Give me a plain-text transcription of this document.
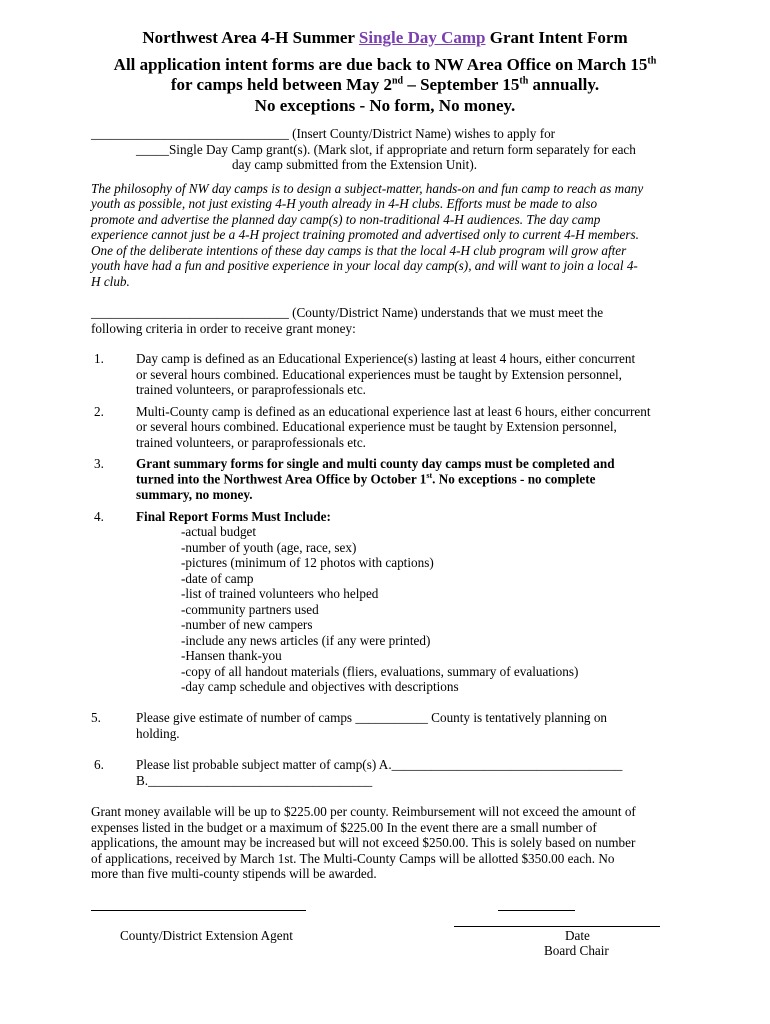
Northwest Area 4-H Summer Single Day Camp Grant Intent Form
All application intent forms are due back to NW Area Office on March 15th
for camps held between May 2nd – September 15th annually.
No exceptions - No form, No money.
______________________________ (Insert County/District Name) wishes to apply for
_____Single Day Camp grant(s). (Mark slot, if appropriate and return form separately for each
day camp submitted from the Extension Unit).
The philosophy of NW day camps is to design a subject-matter, hands-on and fun camp to reach as many
youth as possible, not just existing 4-H youth already in 4-H clubs. Efforts must be made to also
promote and advertise the planned day camp(s) to non-traditional 4-H audiences. The day camp
experience cannot just be a 4-H project training promoted and advertised only to current 4-H members.
One of the deliberate intentions of these day camps is that the local 4-H club program will grow after
youth have had a fun and positive experience in your local day camp(s), and will want to join a local 4-
H club.
______________________________ (County/District Name) understands that we must meet the
following criteria in order to receive grant money:
1. Day camp is defined as an Educational Experience(s) lasting at least 4 hours, either concurrent
or several hours combined. Educational experiences must be taught by Extension personnel,
trained volunteers, or paraprofessionals etc.
2. Multi-County camp is defined as an educational experience last at least 6 hours, either concurrent
or several hours combined. Educational experience must be taught by Extension personnel,
trained volunteers, or paraprofessionals etc.
3. Grant summary forms for single and multi county day camps must be completed and
turned into the Northwest Area Office by October 1st. No exceptions - no complete
summary, no money.
4. Final Report Forms Must Include:
-actual budget
-number of youth (age, race, sex)
-pictures (minimum of 12 photos with captions)
-date of camp
-list of trained volunteers who helped
-community partners used
-number of new campers
-include any news articles (if any were printed)
-Hansen thank-you
-copy of all handout materials (fliers, evaluations, summary of evaluations)
-day camp schedule and objectives with descriptions
5.	Please give estimate of number of camps ___________ County is tentatively planning on
holding.
6. Please list probable subject matter of camp(s) A.___________________________________
B.__________________________________
Grant money available will be up to $225.00 per county. Reimbursement will not exceed the amount of
expenses listed in the budget or a maximum of $225.00 In the event there are a small number of
applications, the amount may be increased but will not exceed $250.00. This is solely based on number
of applications, received by March 1st. The Multi-County Camps will be allotted $350.00 each. No
more than five multi-county stipends will be awarded.
County/District Extension Agent	Date
Board Chair
